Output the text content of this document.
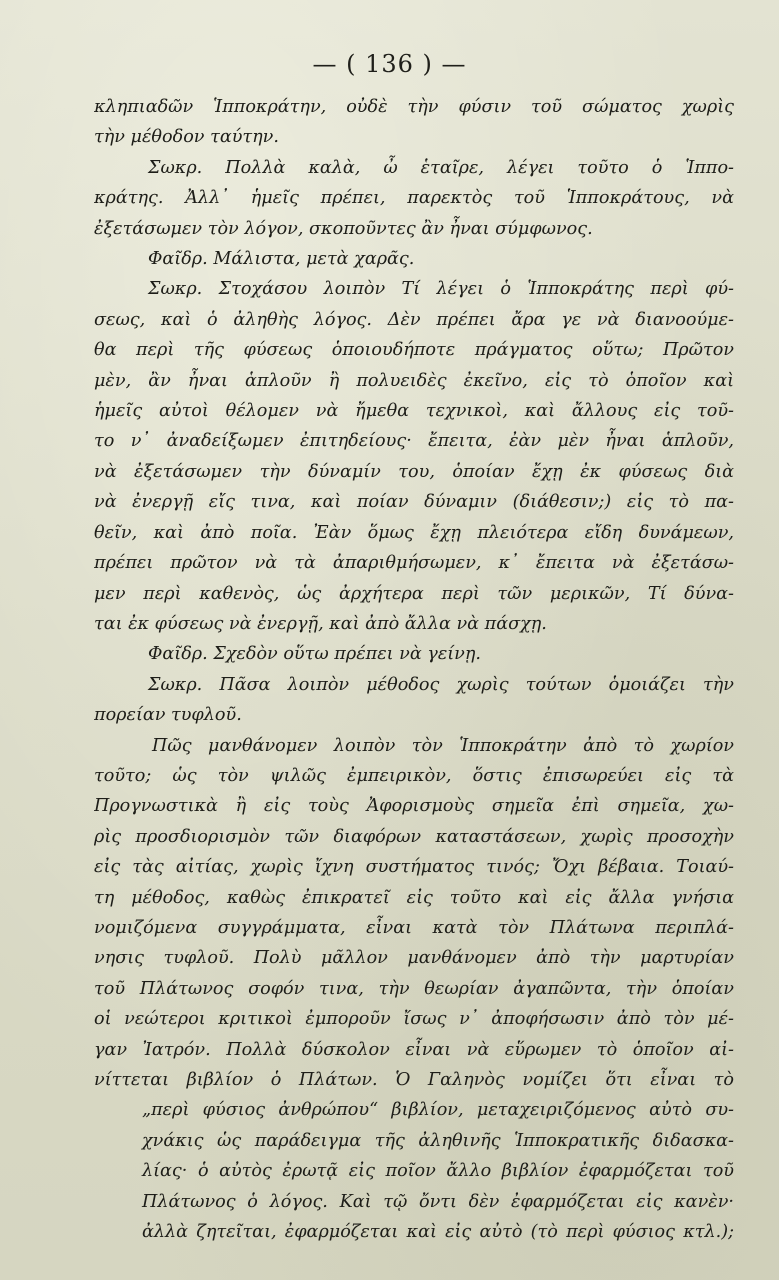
— ( 136 ) —

κληπιαδῶν Ἱπποκράτην, οὐδὲ τὴν φύσιν τοῦ σώματος χωρὶς

τὴν μέθοδον ταύτην.

Σωκρ. Πολλὰ καλὰ, ὦ ἑταῖρε, λέγει τοῦτο ὁ Ἱππο-

κράτης. Ἀλλ᾽ ἡμεῖς πρέπει, παρεκτὸς τοῦ Ἱπποκράτους, νὰ

ἐξετάσωμεν τὸν λόγον, σκοποῦντες ἂν ἦναι σύμφωνος.

Φαῖδρ. Μάλιστα, μετὰ χαρᾶς.

Σωκρ. Στοχάσου λοιπὸν Τί λέγει ὁ Ἱπποκράτης περὶ φύ-

σεως, καὶ ὁ ἀληθὴς λόγος. Δὲν πρέπει ἄρα γε νὰ διανοούμε-

θα περὶ τῆς φύσεως ὁποιουδήποτε πράγματος οὕτω; Πρῶτον

μὲν, ἂν ἦναι ἁπλοῦν ἢ πολυειδὲς ἐκεῖνο, εἰς τὸ ὁποῖον καὶ

ἡμεῖς αὐτοὶ θέλομεν νὰ ἤμεθα τεχνικοὶ, καὶ ἄλλους εἰς τοῦ-

το ν᾽ ἀναδείξωμεν ἐπιτηδείους· ἔπειτα, ἐὰν μὲν ἦναι ἁπλοῦν,

νὰ ἐξετάσωμεν τὴν δύναμίν του, ὁποίαν ἔχῃ ἐκ φύσεως διὰ

νὰ ἐνεργῇ εἴς τινα, καὶ ποίαν δύναμιν (διάθεσιν;) εἰς τὸ πα-

θεῖν, καὶ ἀπὸ ποῖα. Ἐὰν ὅμως ἔχῃ πλειότερα εἴδη δυνάμεων,

πρέπει πρῶτον νὰ τὰ ἀπαριθμήσωμεν, κ᾽ ἔπειτα νὰ ἐξετάσω-

μεν περὶ καθενὸς, ὡς ἀρχήτερα περὶ τῶν μερικῶν, Τί δύνα-

ται ἐκ φύσεως νὰ ἐνεργῇ, καὶ ἀπὸ ἄλλα νὰ πάσχῃ.

Φαῖδρ. Σχεδὸν οὕτω πρέπει νὰ γείνῃ.

Σωκρ. Πᾶσα λοιπὸν μέθοδος χωρὶς τούτων ὁμοιάζει τὴν

πορείαν τυφλοῦ.

Πῶς μανθάνομεν λοιπὸν τὸν Ἱπποκράτην ἀπὸ τὸ χωρίον

τοῦτο; ὡς τὸν ψιλῶς ἐμπειρικὸν, ὅστις ἐπισωρεύει εἰς τὰ

Προγνωστικὰ ἢ εἰς τοὺς Ἀφορισμοὺς σημεῖα ἐπὶ σημεῖα, χω-

ρὶς προσδιορισμὸν τῶν διαφόρων καταστάσεων, χωρὶς προσοχὴν

εἰς τὰς αἰτίας, χωρὶς ἴχνη συστήματος τινός; Ὄχι βέβαια. Τοιαύ-

τη μέθοδος, καθὼς ἐπικρατεῖ εἰς τοῦτο καὶ εἰς ἄλλα γνήσια

νομιζόμενα συγγράμματα, εἶναι κατὰ τὸν Πλάτωνα περιπλά-

νησις τυφλοῦ. Πολὺ μᾶλλον μανθάνομεν ἀπὸ τὴν μαρτυρίαν

τοῦ Πλάτωνος σοφόν τινα, τὴν θεωρίαν ἀγαπῶντα, τὴν ὁποίαν

οἱ νεώτεροι κριτικοὶ ἐμποροῦν ἴσως ν᾽ ἀποφήσωσιν ἀπὸ τὸν μέ-

γαν Ἰατρόν. Πολλὰ δύσκολον εἶναι νὰ εὕρωμεν τὸ ὁποῖον αἰ-

νίττεται βιβλίον ὁ Πλάτων. Ὁ Γαληνὸς νομίζει ὅτι εἶναι τὸ

„περὶ φύσιος ἀνθρώπου“ βιβλίον, μεταχειριζόμενος αὐτὸ συ-

χνάκις ὡς παράδειγμα τῆς ἀληθινῆς Ἱπποκρατικῆς διδασκα-

λίας· ὁ αὐτὸς ἐρωτᾷ εἰς ποῖον ἄλλο βιβλίον ἐφαρμόζεται τοῦ

Πλάτωνος ὁ λόγος. Καὶ τῷ ὄντι δὲν ἐφαρμόζεται εἰς κανὲν·

ἀλλὰ ζητεῖται, ἐφαρμόζεται καὶ εἰς αὐτὸ (τὸ περὶ φύσιος κτλ.);
